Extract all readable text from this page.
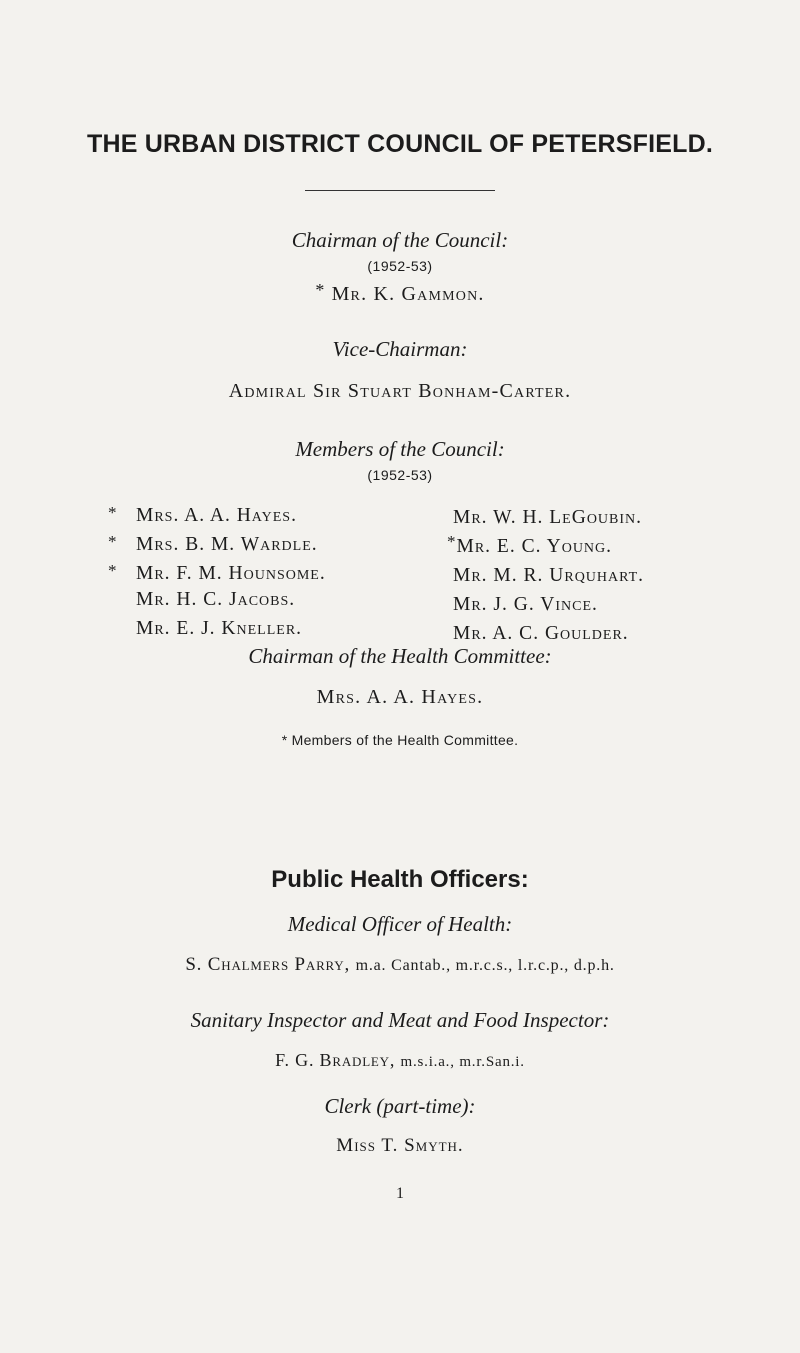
THE URBAN DISTRICT COUNCIL OF PETERSFIELD.
Chairman of the Council:
(1952-53)
* Mr. K. Gammon.
Vice-Chairman:
Admiral Sir Stuart Bonham-Carter.
Members of the Council:
(1952-53)
* Mrs. A. A. Hayes.
* Mrs. B. M. Wardle.
* Mr. F. M. Hounsome.
Mr. H. C. Jacobs.
Mr. E. J. Kneller.
Mr. W. H. LeGoubin.
*Mr. E. C. Young.
Mr. M. R. Urquhart.
Mr. J. G. Vince.
Mr. A. C. Goulder.
Chairman of the Health Committee:
Mrs. A. A. Hayes.
* Members of the Health Committee.
Public Health Officers:
Medical Officer of Health:
S. Chalmers Parry, m.a. Cantab., m.r.c.s., l.r.c.p., d.p.h.
Sanitary Inspector and Meat and Food Inspector:
F. G. Bradley, m.s.i.a., m.r.San.i.
Clerk (part-time):
Miss T. Smyth.
1
